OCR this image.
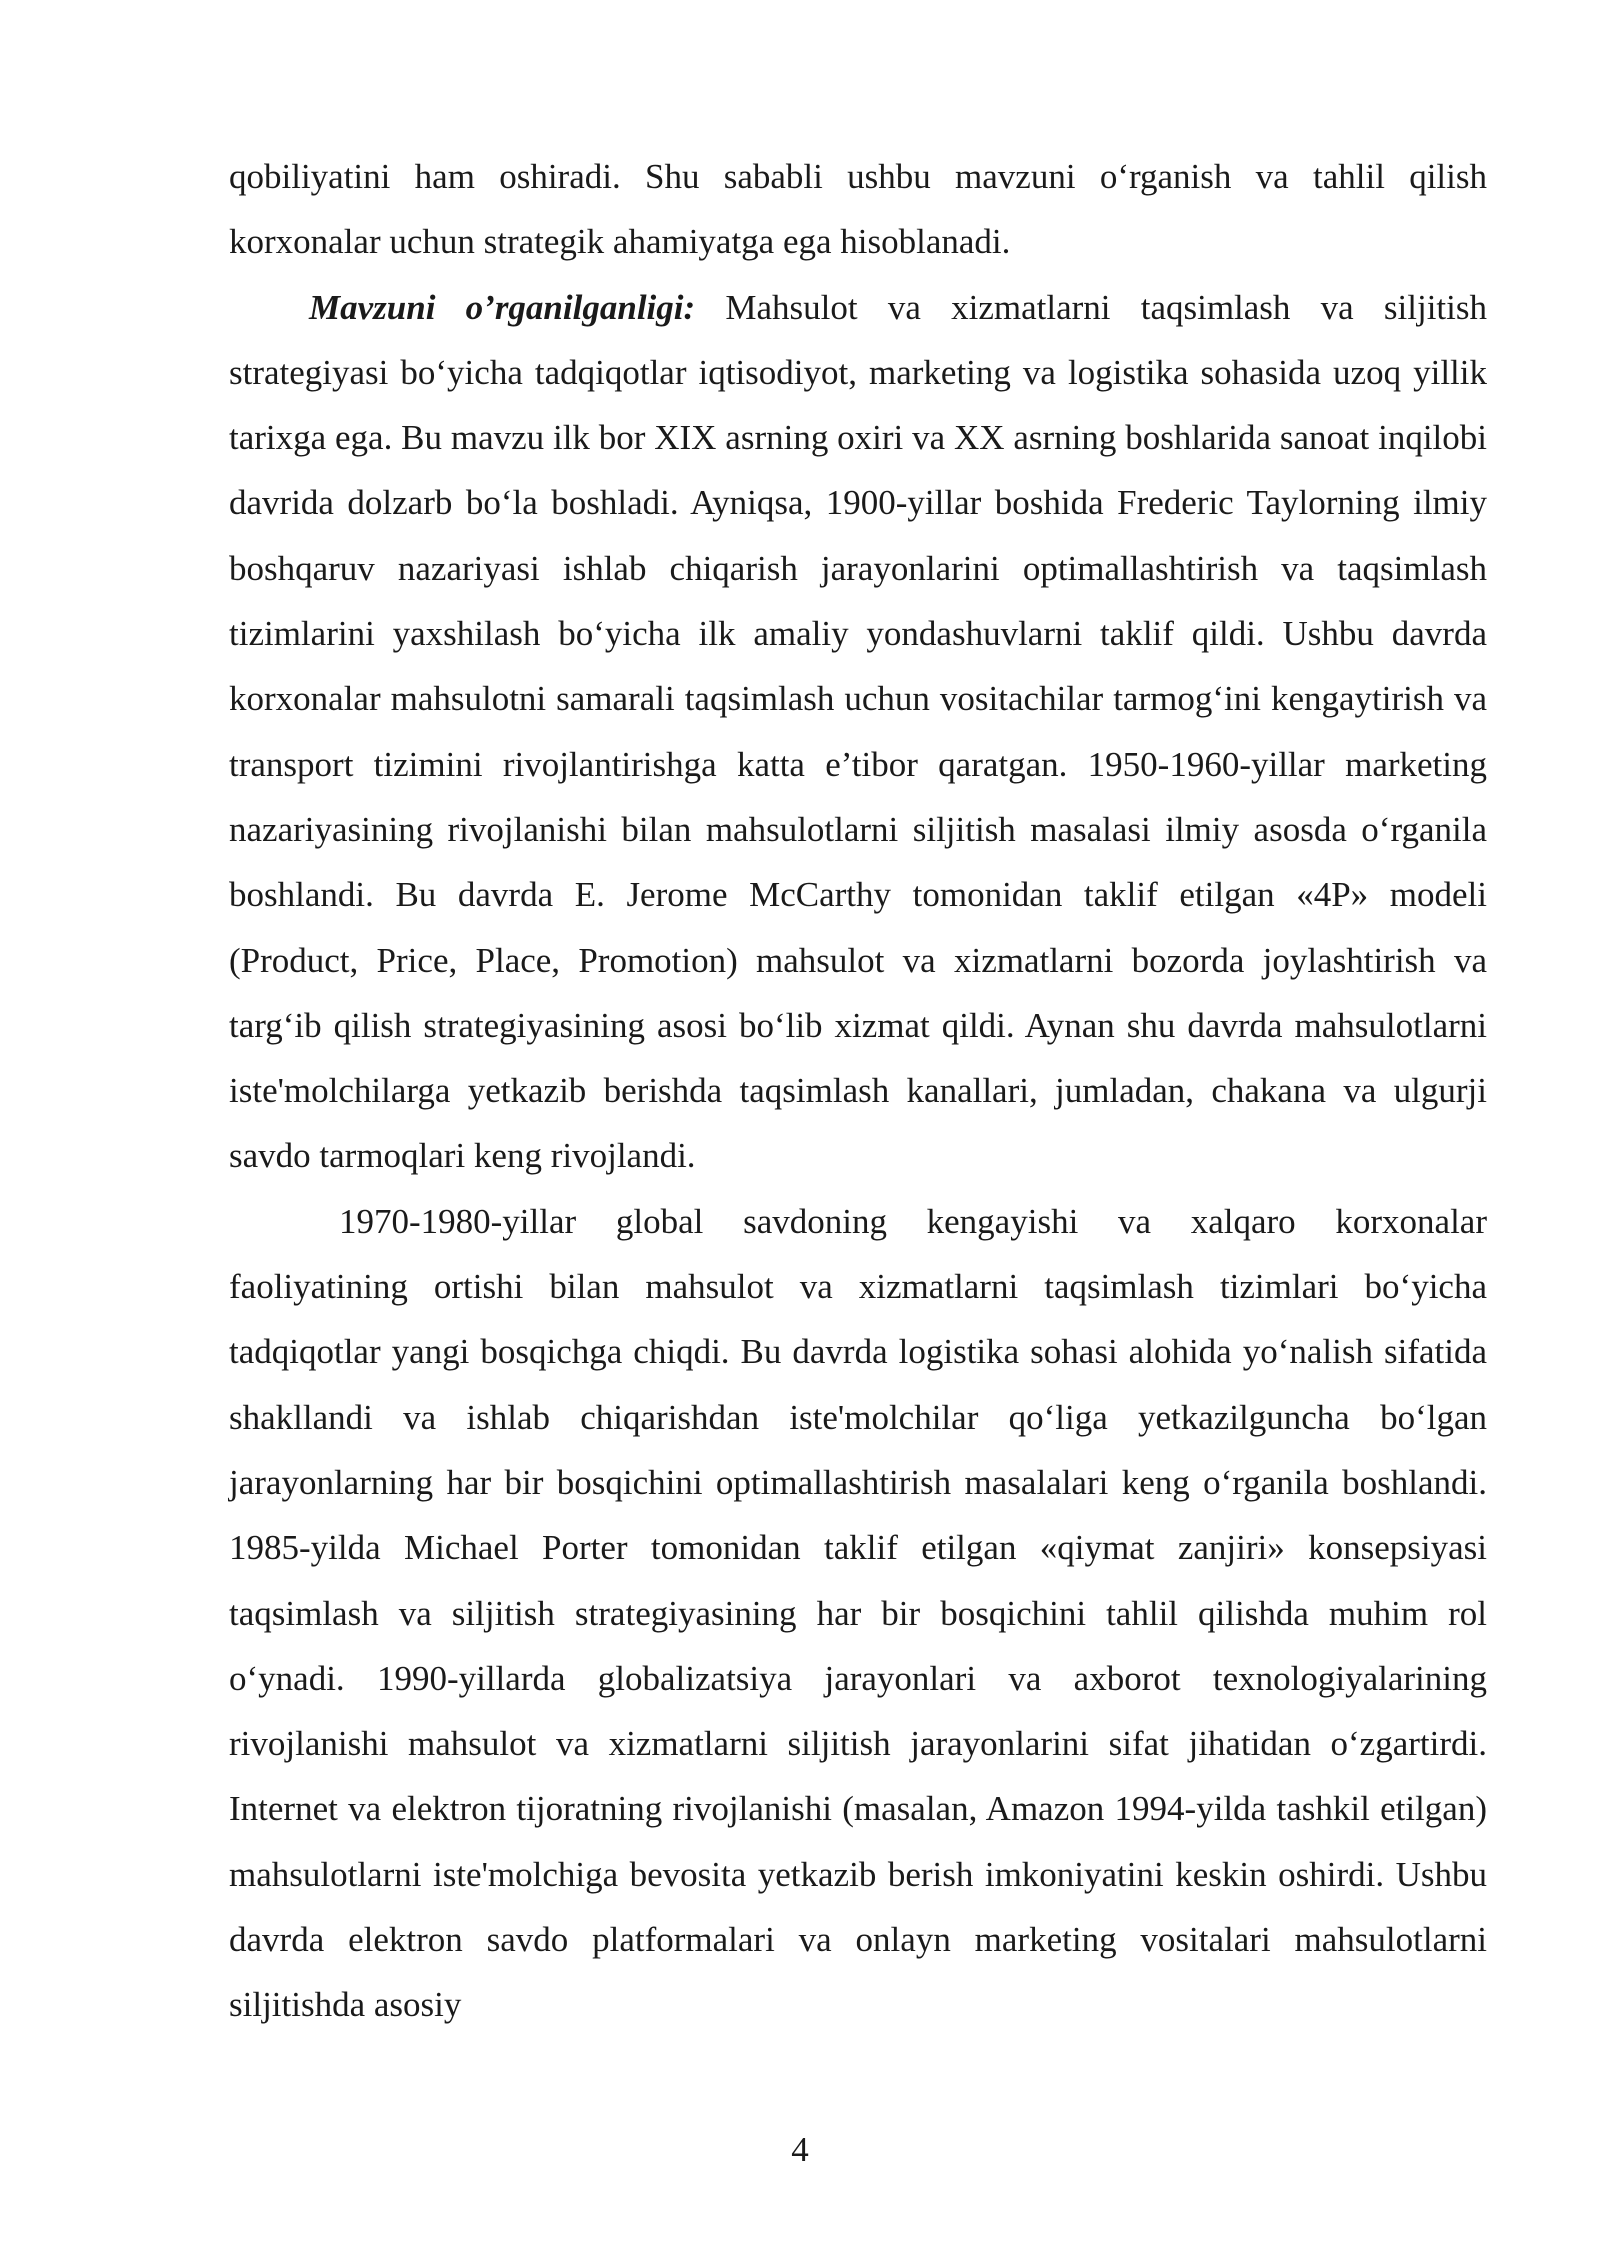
qobiliyatini ham oshiradi. Shu sababli ushbu mavzuni o‘rganish va tahlil qilish korxonalar uchun strategik ahamiyatga ega hisoblanadi.

Mavzuni o’rganilganligi: Mahsulot va xizmatlarni taqsimlash va siljitish strategiyasi bo‘yicha tadqiqotlar iqtisodiyot, marketing va logistika sohasida uzoq yillik tarixga ega. Bu mavzu ilk bor XIX asrning oxiri va XX asrning boshlarida sanoat inqilobi davrida dolzarb bo‘la boshladi. Ayniqsa, 1900-yillar boshida Frederic Taylorning ilmiy boshqaruv nazariyasi ishlab chiqarish jarayonlarini optimallashtirish va taqsimlash tizimlarini yaxshilash bo‘yicha ilk amaliy yondashuvlarni taklif qildi. Ushbu davrda korxonalar mahsulotni samarali taqsimlash uchun vositachilar tarmog‘ini kengaytirish va transport tizimini rivojlantirishga katta e’tibor qaratgan. 1950-1960-yillar marketing nazariyasining rivojlanishi bilan mahsulotlarni siljitish masalasi ilmiy asosda o‘rganila boshlandi. Bu davrda E. Jerome McCarthy tomonidan taklif etilgan «4P» modeli (Product, Price, Place, Promotion) mahsulot va xizmatlarni bozorda joylashtirish va targ‘ib qilish strategiyasining asosi bo‘lib xizmat qildi. Aynan shu davrda mahsulotlarni iste'molchilarga yetkazib berishda taqsimlash kanallari, jumladan, chakana va ulgurji savdo tarmoqlari keng rivojlandi.

1970-1980-yillar global savdoning kengayishi va xalqaro korxonalar faoliyatining ortishi bilan mahsulot va xizmatlarni taqsimlash tizimlari bo‘yicha tadqiqotlar yangi bosqichga chiqdi. Bu davrda logistika sohasi alohida yo‘nalish sifatida shakllandi va ishlab chiqarishdan iste'molchilar qo‘liga yetkazilguncha bo‘lgan jarayonlarning har bir bosqichini optimallashtirish masalalari keng o‘rganila boshlandi. 1985-yilda Michael Porter tomonidan taklif etilgan «qiymat zanjiri» konsepsiyasi taqsimlash va siljitish strategiyasining har bir bosqichini tahlil qilishda muhim rol o‘ynadi. 1990-yillarda globalizatsiya jarayonlari va axborot texnologiyalarining rivojlanishi mahsulot va xizmatlarni siljitish jarayonlarini sifat jihatidan o‘zgartirdi. Internet va elektron tijoratning rivojlanishi (masalan, Amazon 1994-yilda tashkil etilgan) mahsulotlarni iste'molchiga bevosita yetkazib berish imkoniyatini keskin oshirdi. Ushbu davrda elektron savdo platformalari va onlayn marketing vositalari mahsulotlarni siljitishda asosiy

4
